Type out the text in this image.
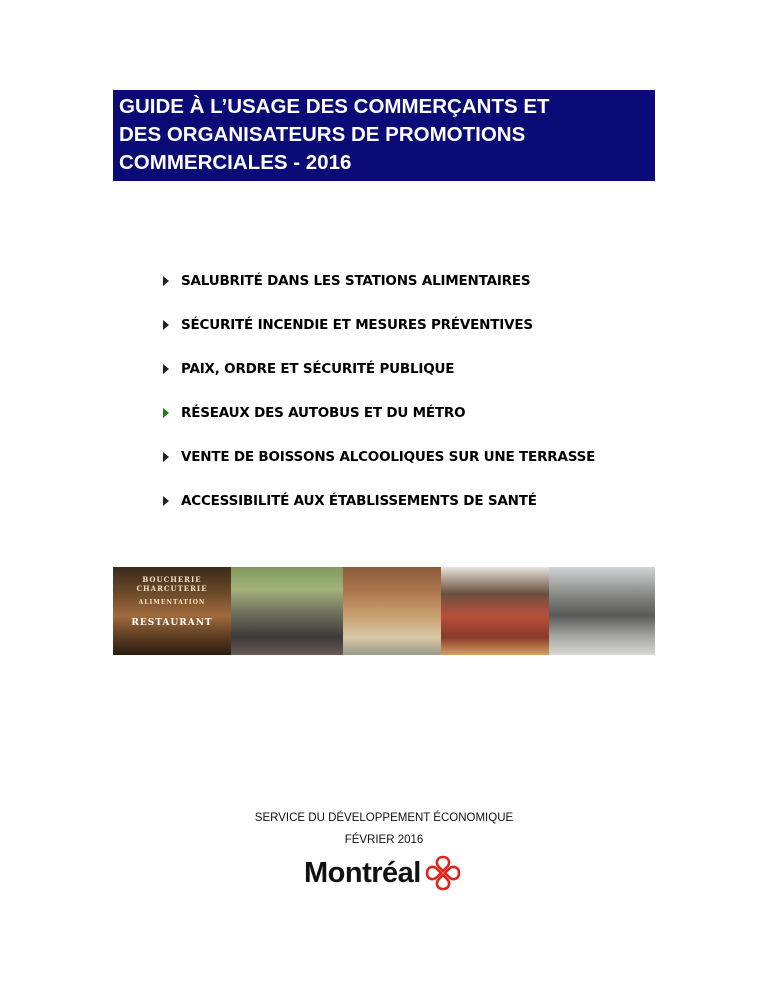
GUIDE À L’USAGE DES COMMERÇANTS ET
DES ORGANISATEURS DE PROMOTIONS
COMMERCIALES - 2016
SALUBRITÉ DANS LES STATIONS ALIMENTAIRES
SÉCURITÉ INCENDIE ET MESURES PRÉVENTIVES
PAIX, ORDRE ET SÉCURITÉ PUBLIQUE
RÉSEAUX DES AUTOBUS ET DU MÉTRO
VENTE DE BOISSONS ALCOOLIQUES SUR UNE TERRASSE
ACCESSIBILITÉ AUX ÉTABLISSEMENTS DE SANTÉ
BOUCHERIE CHARCUTERIE
ALIMENTATION
RESTAURANT
SERVICE DU DÉVELOPPEMENT ÉCONOMIQUE
FÉVRIER 2016
Montréal
